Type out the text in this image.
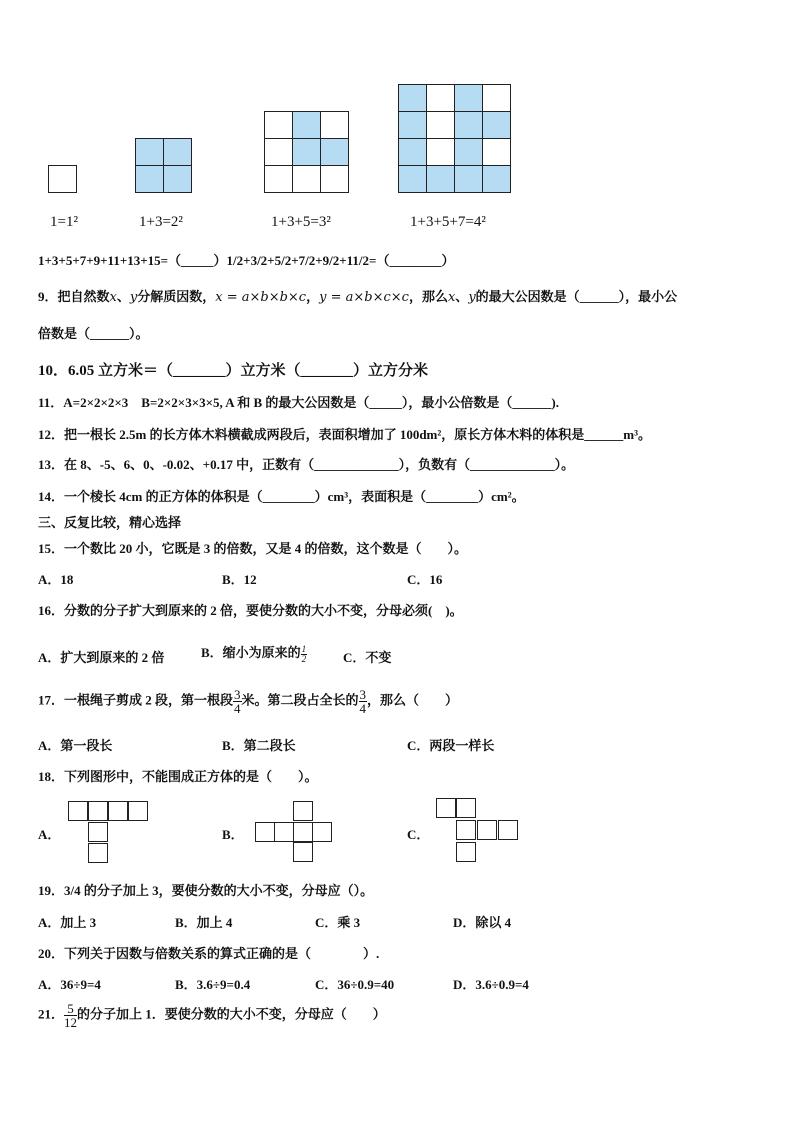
1=1²	1+3=2²	1+3+5=3²	1+3+5+7=4²
1+3+5+7+9+11+13+15=（_____）1/2+3/2+5/2+7/2+9/2+11/2=（________）
9．把自然数x、y分解质因数，x = a×b×b×c，y = a×b×c×c，那么x、y的最大公因数是（______），最小公
倍数是（______）。
10．6.05 立方米＝（_______）立方米（_______）立方分米
11．A=2×2×2×3　B=2×2×3×3×5, A 和 B 的最大公因数是（_____），最小公倍数是（______).
12．把一根长 2.5m 的长方体木料横截成两段后，表面积增加了 100dm²，原长方体木料的体积是______m³。
13．在 8、-5、6、0、-0.02、+0.17 中，正数有（_____________），负数有（_____________）。
14．一个棱长 4cm 的正方体的体积是（________）cm³，表面积是（________）cm²。
三、反复比较，精心选择
15．一个数比 20 小，它既是 3 的倍数，又是 4 的倍数，这个数是（　　）。
A．18	B．12	C．16
16．分数的分子扩大到原来的 2 倍，要使分数的大小不变，分母必须(　)。
A．扩大到原来的 2 倍	B．缩小为原来的 $\frac{1}{2}$	C．不变
17．一根绳子剪成 2 段，第一根段 $\frac{3}{4}$ 米。第二段占全长的 $\frac{3}{4}$ ，那么（　　）
A．第一段长	B．第二段长	C．两段一样长
18．下列图形中，不能围成正方体的是（　　）。
A．	B．	C．
19．3/4 的分子加上 3，要使分数的大小不变，分母应（）。
A．加上 3	B．加上 4	C．乘 3	D．除以 4
20．下列关于因数与倍数关系的算式正确的是（　　　　）.
A．36÷9=4	B．3.6÷9=0.4	C．36÷0.9=40	D．3.6÷0.9=4
21． $\frac{5}{12}$ 的分子加上 1．要使分数的大小不变，分母应（　　）
